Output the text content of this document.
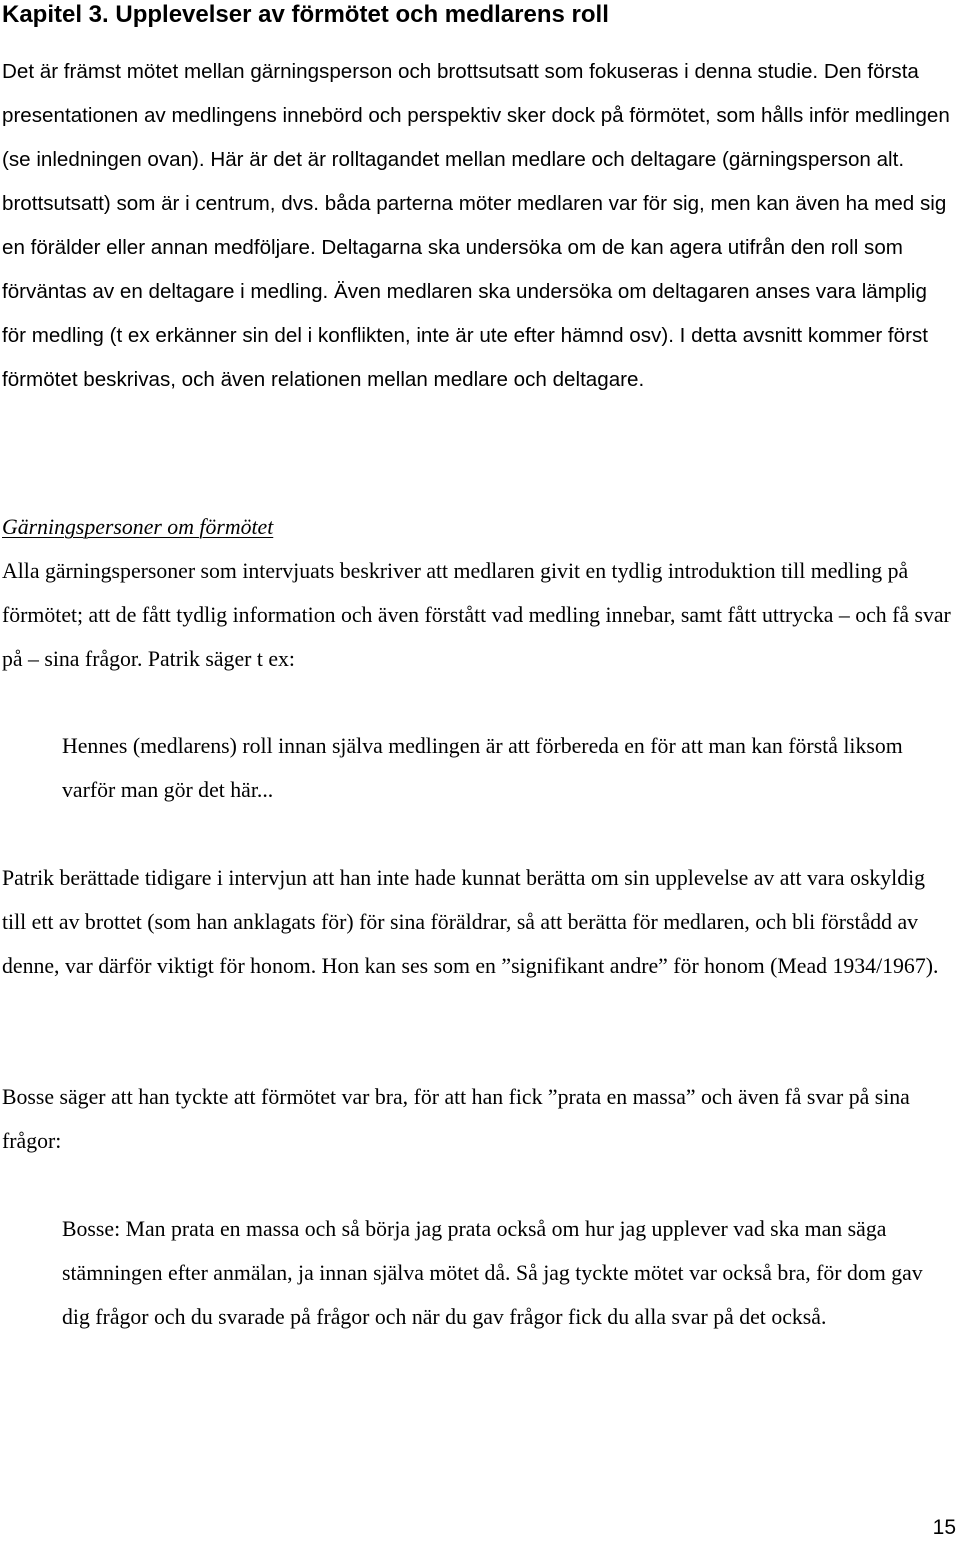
Kapitel 3. Upplevelser av förmötet och medlarens roll

Det är främst mötet mellan gärningsperson och brottsutsatt som fokuseras i denna studie. Den första presentationen av medlingens innebörd och perspektiv sker dock på förmötet, som hålls inför medlingen (se inledningen ovan). Här är det är rolltagandet mellan medlare och deltagare (gärningsperson alt. brottsutsatt) som är i centrum, dvs. båda parterna möter medlaren var för sig, men kan även ha med sig en förälder eller annan medföljare. Deltagarna ska undersöka om de kan agera utifrån den roll som förväntas av en deltagare i medling. Även medlaren ska undersöka om deltagaren anses vara lämplig för medling (t ex erkänner sin del i konflikten, inte är ute efter hämnd osv). I detta avsnitt kommer först förmötet beskrivas, och även relationen mellan medlare och deltagare.

Gärningspersoner om förmötet

Alla gärningspersoner som intervjuats beskriver att medlaren givit en tydlig introduktion till medling på förmötet; att de fått tydlig information och även förstått vad medling innebar, samt fått uttrycka – och få svar på – sina frågor. Patrik säger t ex:

Hennes (medlarens) roll innan själva medlingen är att förbereda en för att man kan förstå liksom varför man gör det här...

Patrik berättade tidigare i intervjun att han inte hade kunnat berätta om sin upplevelse av att vara oskyldig till ett av brottet (som han anklagats för) för sina föräldrar, så att berätta för medlaren, och bli förstådd av denne, var därför viktigt för honom. Hon kan ses som en ”signifikant andre” för honom (Mead 1934/1967).

Bosse säger att han tyckte att förmötet var bra, för att han fick ”prata en massa” och även få svar på sina frågor:

Bosse: Man prata en massa och så börja jag prata också om hur jag upplever vad ska man säga stämningen efter anmälan, ja innan själva mötet då. Så jag tyckte mötet var också bra, för dom gav dig frågor och du svarade på frågor och när du gav frågor fick du alla svar på det också.

15
